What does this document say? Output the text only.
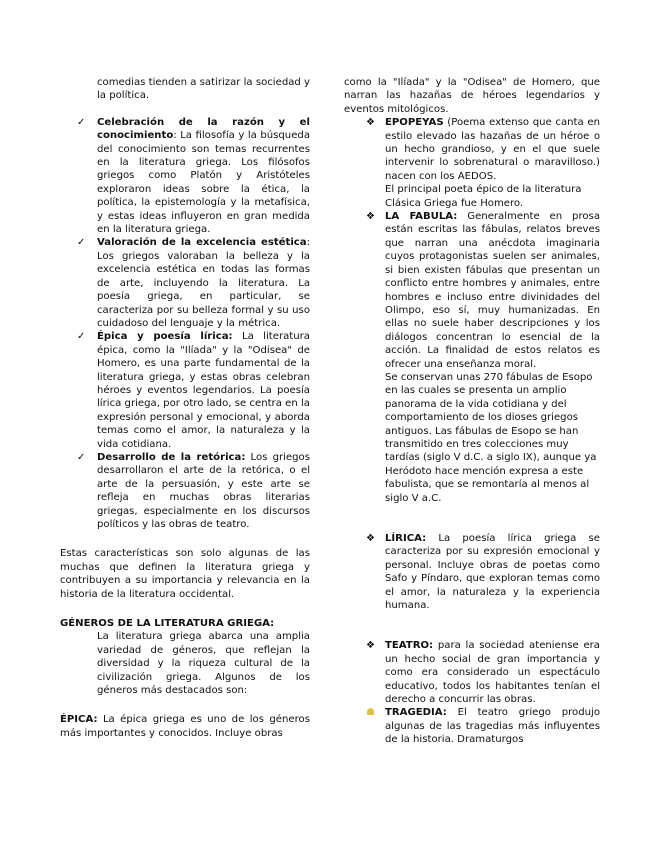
comedias tienden a satirizar la sociedad y la política.

✓ Celebración de la razón y el conocimiento: La filosofía y la búsqueda del conocimiento son temas recurrentes en la literatura griega. Los filósofos griegos como Platón y Aristóteles exploraron ideas sobre la ética, la política, la epistemología y la metafísica, y estas ideas influyeron en gran medida en la literatura griega.
✓ Valoración de la excelencia estética: Los griegos valoraban la belleza y la excelencia estética en todas las formas de arte, incluyendo la literatura. La poesía griega, en particular, se caracteriza por su belleza formal y su uso cuidadoso del lenguaje y la métrica.
✓ Épica y poesía lírica: La literatura épica, como la "Ilíada" y la "Odisea" de Homero, es una parte fundamental de la literatura griega, y estas obras celebran héroes y eventos legendarios. La poesía lírica griega, por otro lado, se centra en la expresión personal y emocional, y aborda temas como el amor, la naturaleza y la vida cotidiana.
✓ Desarrollo de la retórica: Los griegos desarrollaron el arte de la retórica, o el arte de la persuasión, y este arte se refleja en muchas obras literarias griegas, especialmente en los discursos políticos y las obras de teatro.

Estas características son solo algunas de las muchas que definen la literatura griega y contribuyen a su importancia y relevancia en la historia de la literatura occidental.

GÉNEROS DE LA LITERATURA GRIEGA:

La literatura griega abarca una amplia variedad de géneros, que reflejan la diversidad y la riqueza cultural de la civilización griega. Algunos de los géneros más destacados son:

ÉPICA: La épica griega es uno de los géneros más importantes y conocidos. Incluye obras

como la "Ilíada" y la "Odisea" de Homero, que narran las hazañas de héroes legendarios y eventos mitológicos.

❖ EPOPEYAS (Poema extenso que canta en estilo elevado las hazañas de un héroe o un hecho grandioso, y en el que suele intervenir lo sobrenatural o maravilloso.) nacen con los AEDOS.

El principal poeta épico de la literatura Clásica Griega fue Homero.

❖ LA FABULA: Generalmente en prosa están escritas las fábulas, relatos breves que narran una anécdota imaginaria cuyos protagonistas suelen ser animales, si bien existen fábulas que presentan un conflicto entre hombres y animales, entre hombres e incluso entre divinidades del Olimpo, eso sí, muy humanizadas. En ellas no suele haber descripciones y los diálogos concentran lo esencial de la acción. La finalidad de estos relatos es ofrecer una enseñanza moral.

Se conservan unas 270 fábulas de Esopo en las cuales se presenta un amplio panorama de la vida cotidiana y del comportamiento de los dioses griegos antiguos. Las fábulas de Esopo se han transmitido en tres colecciones muy tardías (siglo V d.C. a siglo IX), aunque ya Heródoto hace mención expresa a este fabulista, que se remontaría al menos al siglo V a.C.

❖ LÍRICA: La poesía lírica griega se caracteriza por su expresión emocional y personal. Incluye obras de poetas como Safo y Píndaro, que exploran temas como el amor, la naturaleza y la experiencia humana.
❖ TEATRO: para la sociedad ateniense era un hecho social de gran importancia y como era considerado un espectáculo educativo, todos los habitantes tenían el derecho a concurrir las obras.
☗ TRAGEDIA: El teatro griego produjo algunas de las tragedias más influyentes de la historia. Dramaturgos
